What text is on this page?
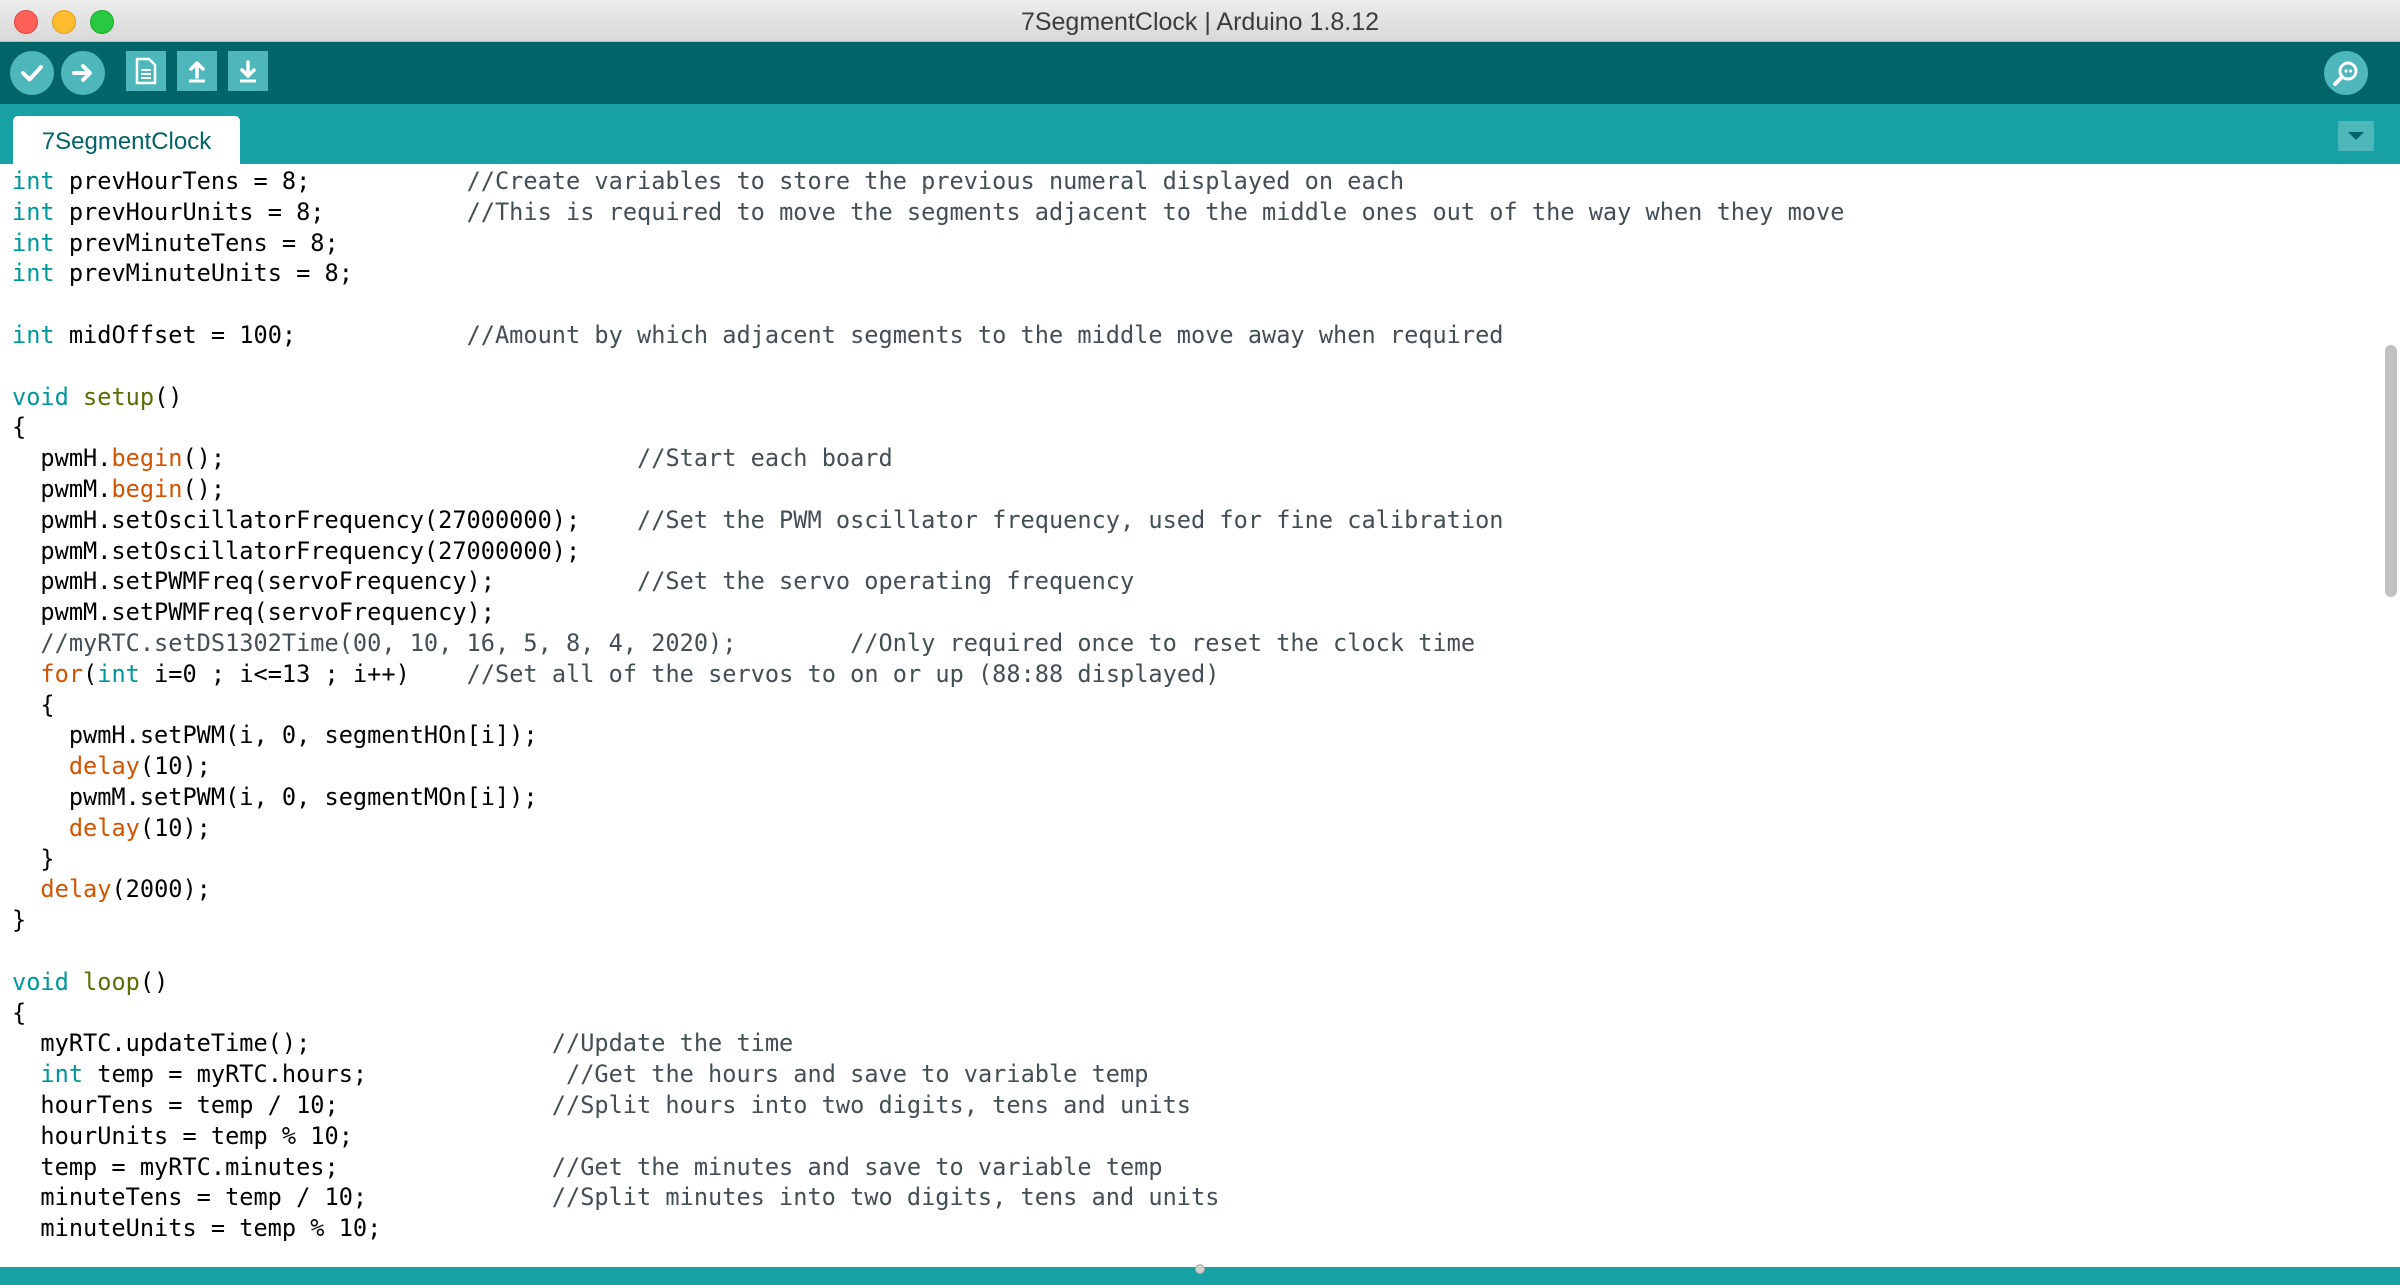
7SegmentClock | Arduino 1.8.12
7SegmentClock
int prevHourTens = 8;           //Create variables to store the previous numeral displayed on each
int prevHourUnits = 8;          //This is required to move the segments adjacent to the middle ones out of the way when they move
int prevMinuteTens = 8;
int prevMinuteUnits = 8;
int midOffset = 100;            //Amount by which adjacent segments to the middle move away when required
void setup()
{
pwmH.begin();                             //Start each board
pwmM.begin();
pwmH.setOscillatorFrequency(27000000);    //Set the PWM oscillator frequency, used for fine calibration
pwmM.setOscillatorFrequency(27000000);
pwmH.setPWMFreq(servoFrequency);          //Set the servo operating frequency
pwmM.setPWMFreq(servoFrequency);
//myRTC.setDS1302Time(00, 10, 16, 5, 8, 4, 2020);        //Only required once to reset the clock time
for(int i=0 ; i<=13 ; i++)    //Set all of the servos to on or up (88:88 displayed)
{
pwmH.setPWM(i, 0, segmentHOn[i]);
delay(10);
pwmM.setPWM(i, 0, segmentMOn[i]);
delay(10);
}
delay(2000);
}
void loop()
{
myRTC.updateTime();                 //Update the time
int temp = myRTC.hours;              //Get the hours and save to variable temp
hourTens = temp / 10;               //Split hours into two digits, tens and units
hourUnits = temp % 10;
temp = myRTC.minutes;               //Get the minutes and save to variable temp
minuteTens = temp / 10;             //Split minutes into two digits, tens and units
minuteUnits = temp % 10;
